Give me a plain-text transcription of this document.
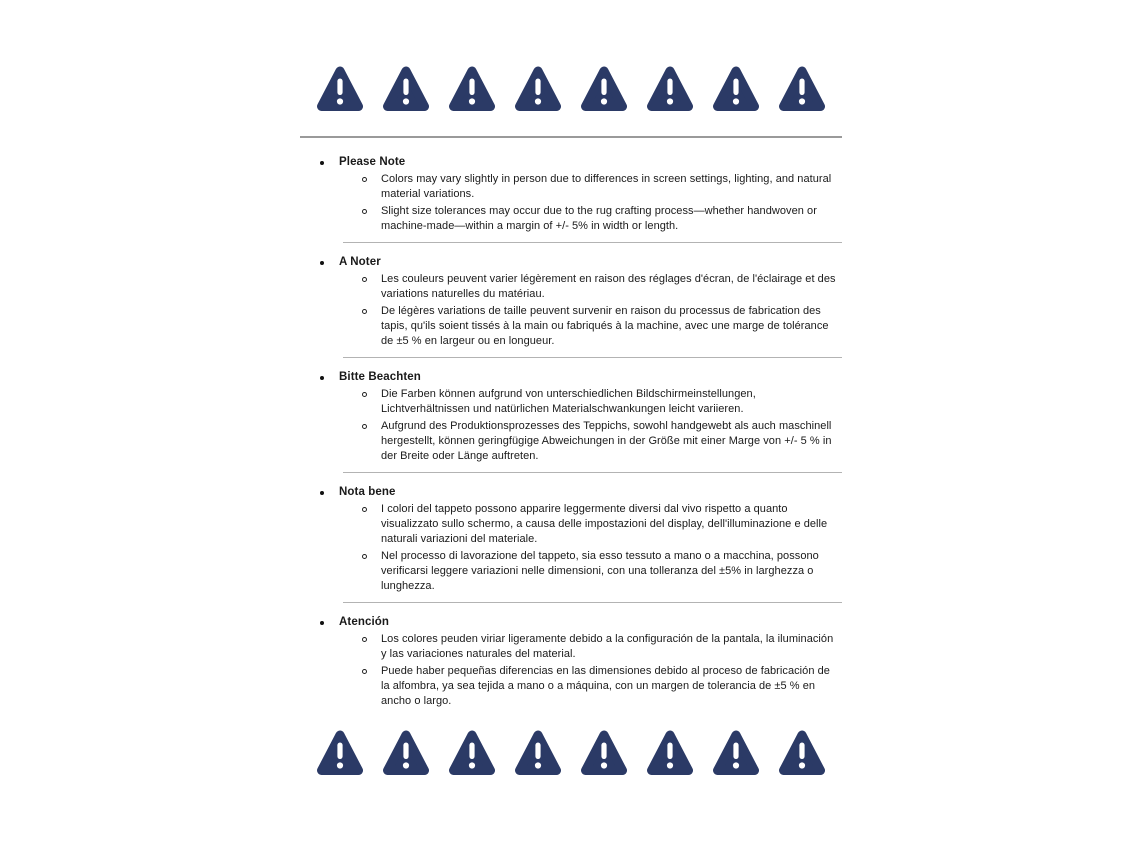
Please Note

Colors may vary slightly in person due to differences in screen settings, lighting, and natural material variations.

Slight size tolerances may occur due to the rug crafting process—whether handwoven or machine-made—within a margin of +/- 5% in width or length.

A Noter

Les couleurs peuvent varier légèrement en raison des réglages d'écran, de l'éclairage et des variations naturelles du matériau.

De légères variations de taille peuvent survenir en raison du processus de fabrication des tapis, qu'ils soient tissés à la main ou fabriqués à la machine, avec une marge de tolérance de ±5 % en largeur ou en longueur.

Bitte Beachten

Die Farben können aufgrund von unterschiedlichen Bildschirmeinstellungen, Lichtverhältnissen und natürlichen Materialschwankungen leicht variieren.

Aufgrund des Produktionsprozesses des Teppichs, sowohl handgewebt als auch maschinell hergestellt, können geringfügige Abweichungen in der Größe mit einer Marge von +/- 5 % in der Breite oder Länge auftreten.

Nota bene

I colori del tappeto possono apparire leggermente diversi dal vivo rispetto a quanto visualizzato sullo schermo, a causa delle impostazioni del display, dell'illuminazione e delle naturali variazioni del materiale.

Nel processo di lavorazione del tappeto, sia esso tessuto a mano o a macchina, possono verificarsi leggere variazioni nelle dimensioni, con una tolleranza del ±5% in larghezza o lunghezza.

Atención

Los colores peuden viriar ligeramente debido a la configuración de la pantala, la iluminación y las variaciones naturales del material.

Puede haber pequeñas diferencias en las dimensiones debido al proceso de fabricación de la alfombra, ya sea tejida a mano o a máquina, con un margen de tolerancia de ±5 % en ancho o largo.
